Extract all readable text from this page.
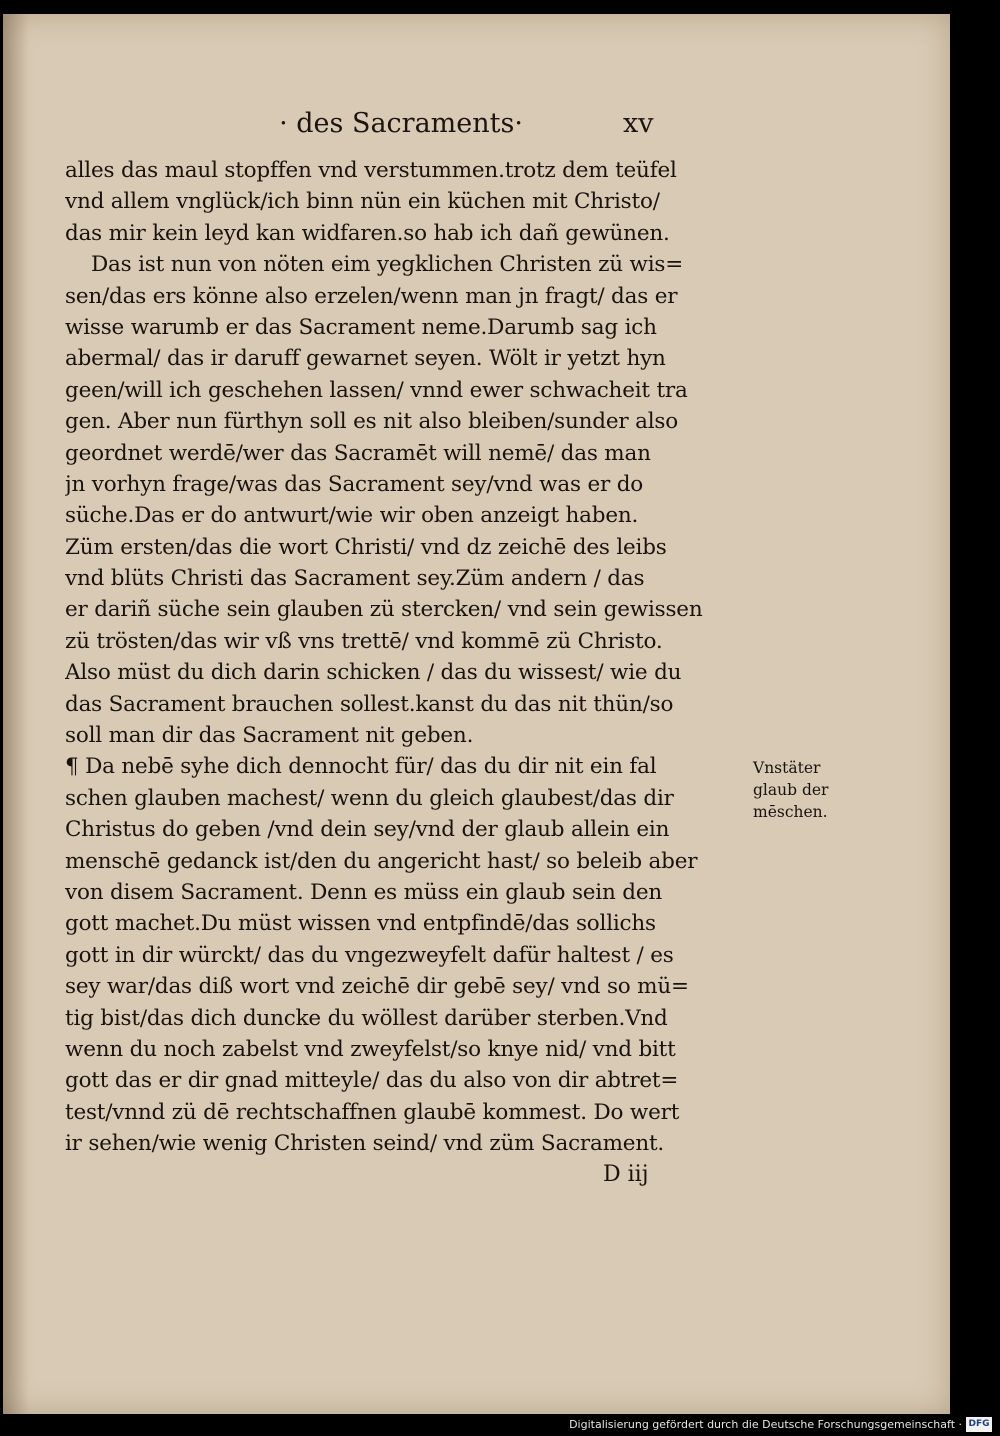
· des Sacraments·	xv
alles das maul stopffen vnd verstummen.trotz dem teüfel
vnd allem vnglück/ich binn nün ein küchen mit Christo/
das mir kein leyd kan widfaren.so hab ich dañ gewünen.
Das ist nun von nöten eim yegklichen Christen zü wis=
sen/das ers könne also erzelen/wenn man jn fragt/ das er
wisse warumb er das Sacrament neme.Darumb sag ich
abermal/ das ir daruff gewarnet seyen. Wölt ir yetzt hyn
geen/will ich geschehen lassen/ vnnd ewer schwacheit tra
gen. Aber nun fürthyn soll es nit also bleiben/sunder also
geordnet werdē/wer das Sacramēt will nemē/ das man
jn vorhyn frage/was das Sacrament sey/vnd was er do
süche.Das er do antwurt/wie wir oben anzeigt haben.
Züm ersten/das die wort Christi/ vnd dz zeichē des leibs
vnd blüts Christi das Sacrament sey.Züm andern / das
er dariñ süche sein glauben zü stercken/ vnd sein gewissen
zü trösten/das wir vß vns trettē/ vnd kommē zü Christo.
Also müst du dich darin schicken / das du wissest/ wie du
das Sacrament brauchen sollest.kanst du das nit thün/so
soll man dir das Sacrament nit geben.
¶ Da nebē syhe dich dennocht für/ das du dir nit ein fal
schen glauben machest/ wenn du gleich glaubest/das dir
Christus do geben /vnd dein sey/vnd der glaub allein ein
menschē gedanck ist/den du angericht hast/ so beleib aber
von disem Sacrament. Denn es müss ein glaub sein den
gott machet.Du müst wissen vnd entpfindē/das sollichs
gott in dir würckt/ das du vngezweyfelt dafür haltest / es
sey war/das diß wort vnd zeichē dir gebē sey/ vnd so mü=
tig bist/das dich duncke du wöllest darüber sterben.Vnd
wenn du noch zabelst vnd zweyfelst/so knye nid/ vnd bitt
gott das er dir gnad mitteyle/ das du also von dir abtret=
test/vnnd zü dē rechtschaffnen glaubē kommest. Do wert
ir sehen/wie wenig Christen seind/ vnd züm Sacrament.
Vnstäter
glaub der
mēschen.
D iij
Digitalisierung gefördert durch die Deutsche Forschungsgemeinschaft · DFG
